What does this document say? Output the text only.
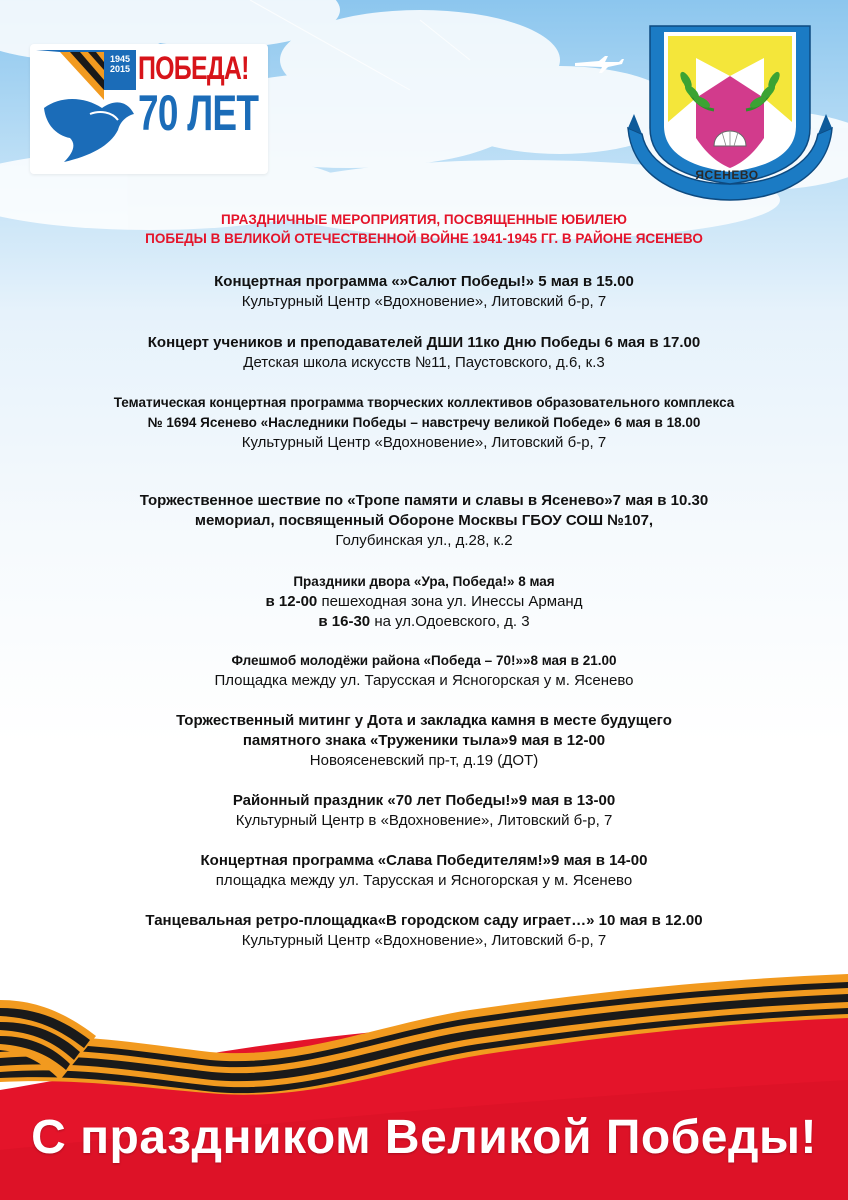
1945
2015 ПОБЕДА!
70 ЛЕТ
ЯСЕНЕВО
ПРАЗДНИЧНЫЕ МЕРОПРИЯТИЯ, ПОСВЯЩЕННЫЕ ЮБИЛЕЮ
ПОБЕДЫ В ВЕЛИКОЙ ОТЕЧЕСТВЕННОЙ ВОЙНЕ 1941-1945 ГГ. В РАЙОНЕ ЯСЕНЕВО
Концертная программа «»Салют Победы!» 5 мая в 15.00
Культурный Центр «Вдохновение», Литовский б-р, 7
Концерт учеников и преподавателей ДШИ 11ко Дню Победы 6 мая в 17.00
Детская школа искусств №11, Паустовского, д.6, к.3
Тематическая концертная программа творческих коллективов образовательного комплекса
№ 1694 Ясенево «Наследники Победы – навстречу великой Победе» 6 мая в 18.00
Культурный Центр «Вдохновение», Литовский б-р, 7
Торжественное шествие по «Тропе памяти и славы в Ясенево»7 мая в 10.30
мемориал, посвященный Обороне Москвы ГБОУ СОШ №107,
Голубинская ул., д.28, к.2
Праздники двора «Ура, Победа!» 8 мая
в 12-00 пешеходная зона ул. Инессы Арманд
в 16-30 на ул.Одоевского, д. 3
Флешмоб молодёжи района «Победа – 70!»»8 мая в 21.00
Площадка между ул. Тарусская и Ясногорская у м. Ясенево
Торжественный митинг у Дота и закладка камня в месте будущего
памятного знака «Труженики тыла»9 мая в 12-00
Новоясеневский пр-т, д.19 (ДОТ)
Районный праздник «70 лет Победы!»9 мая в 13-00
Культурный Центр в «Вдохновение», Литовский б-р, 7
Концертная программа «Слава Победителям!»9 мая в 14-00
площадка между ул. Тарусская и Ясногорская у м. Ясенево
Танцевальная ретро-площадка«В городском саду играет…» 10 мая в 12.00
Культурный Центр «Вдохновение», Литовский б-р, 7
С праздником Великой Победы!
